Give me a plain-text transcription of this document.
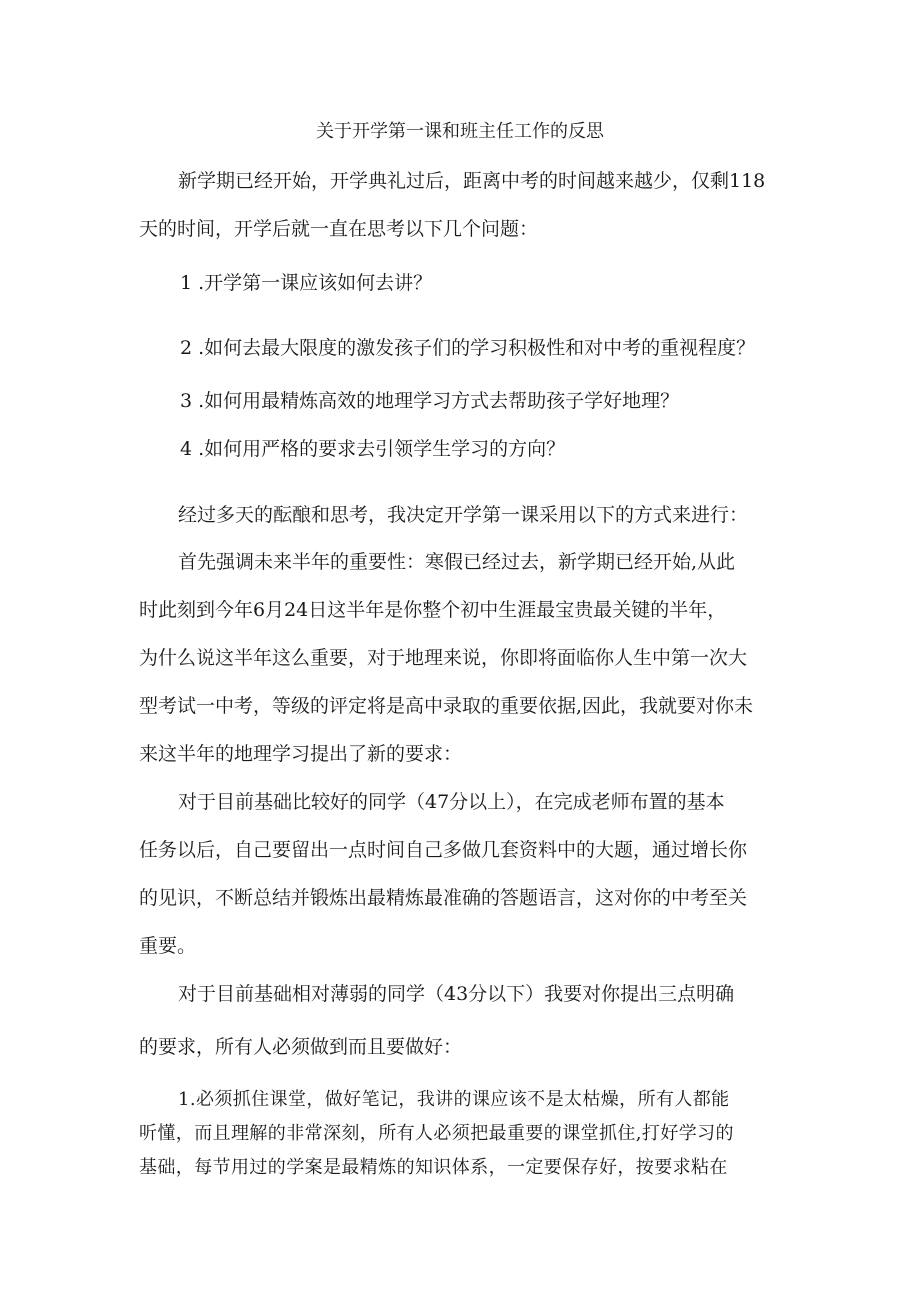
关于开学第一课和班主任工作的反思
新学期已经开始，开学典礼过后，距离中考的时间越来越少，仅剩118
天的时间，开学后就一直在思考以下几个问题：
1 .开学第一课应该如何去讲？
2 .如何去最大限度的激发孩子们的学习积极性和对中考的重视程度？
3 .如何用最精炼高效的地理学习方式去帮助孩子学好地理？
4 .如何用严格的要求去引领学生学习的方向？
经过多天的酝酿和思考，我决定开学第一课采用以下的方式来进行：
首先强调未来半年的重要性：寒假已经过去，新学期已经开始,从此
时此刻到今年6月24日这半年是你整个初中生涯最宝贵最关键的半年，
为什么说这半年这么重要，对于地理来说，你即将面临你人生中第一次大
型考试一中考，等级的评定将是高中录取的重要依据,因此，我就要对你未
来这半年的地理学习提出了新的要求：
对于目前基础比较好的同学（47分以上），在完成老师布置的基本
任务以后，自己要留出一点时间自己多做几套资料中的大题，通过增长你
的见识，不断总结并锻炼出最精炼最准确的答题语言，这对你的中考至关
重要。
对于目前基础相对薄弱的同学（43分以下）我要对你提出三点明确
的要求，所有人必须做到而且要做好：
1.必须抓住课堂，做好笔记，我讲的课应该不是太枯燥，所有人都能
听懂，而且理解的非常深刻，所有人必须把最重要的课堂抓住,打好学习的
基础，每节用过的学案是最精炼的知识体系，一定要保存好，按要求粘在
